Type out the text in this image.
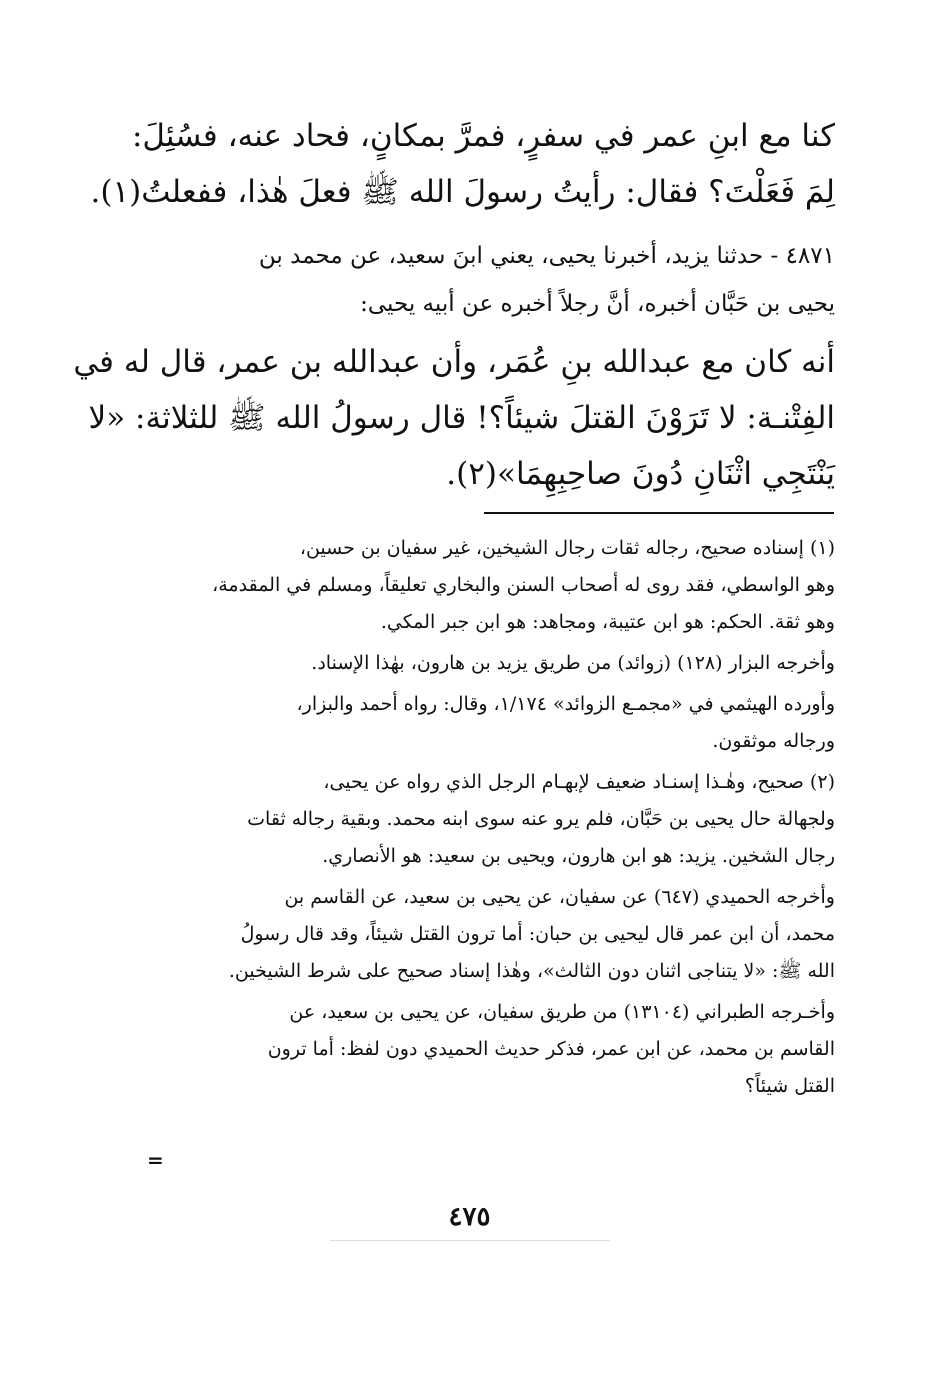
كنا مع ابنِ عمر في سفرٍ، فمرَّ بمكانٍ، فحاد عنه، فسُئِلَ:
لِمَ فَعَلْتَ؟ فقال: رأيتُ رسولَ الله ﷺ فعلَ هٰذا، ففعلتُ(١).
٤٨٧١ - حدثنا يزيد، أخبرنا يحيى، يعني ابنَ سعيد، عن محمد بن
يحيى بن حَبَّان أخبره، أنَّ رجلاً أخبره عن أبيه يحيى:
أنه كان مع عبدالله بنِ عُمَر، وأن عبدالله بن عمر، قال له في
الفِتْنـة: لا تَرَوْنَ القتلَ شيئاً؟! قال رسولُ الله ﷺ للثلاثة: «لا
يَنْتَجِي اثْنَانِ دُونَ صاحِبِهِمَا»(٢).
(١) إسناده صحيح، رجاله ثقات رجال الشيخين، غير سفيان بن حسين،
وهو الواسطي، فقد روى له أصحاب السنن والبخاري تعليقاً، ومسلم في المقدمة،
وهو ثقة. الحكم: هو ابن عتيبة، ومجاهد: هو ابن جبر المكي.
وأخرجه البزار (١٢٨) (زوائد) من طريق يزيد بن هارون، بهٰذا الإسناد.
وأورده الهيثمي في «مجمـع الزوائد» ١/١٧٤، وقال: رواه أحمد والبزار،
ورجاله موثقون.
(٢) صحيح، وهٰـذا إسنـاد ضعيف لإبهـام الرجل الذي رواه عن يحيى،
ولجهالة حال يحيى بن حَبَّان، فلم يرو عنه سوى ابنه محمد. وبقية رجاله ثقات
رجال الشخين. يزيد: هو ابن هارون، ويحيى بن سعيد: هو الأنصاري.
وأخرجه الحميدي (٦٤٧) عن سفيان، عن يحيى بن سعيد، عن القاسم بن
محمد، أن ابن عمر قال ليحيى بن حبان: أما ترون القتل شيئاً، وقد قال رسولُ
الله ﷺ: «لا يتناجى اثنان دون الثالث»، وهٰذا إسناد صحيح على شرط الشيخين.
وأخـرجه الطبراني (١٣١٠٤) من طريق سفيان، عن يحيى بن سعيد، عن
القاسم بن محمد، عن ابن عمر، فذكر حديث الحميدي دون لفظ: أما ترون
القتل شيئاً؟
=
٤٧٥
